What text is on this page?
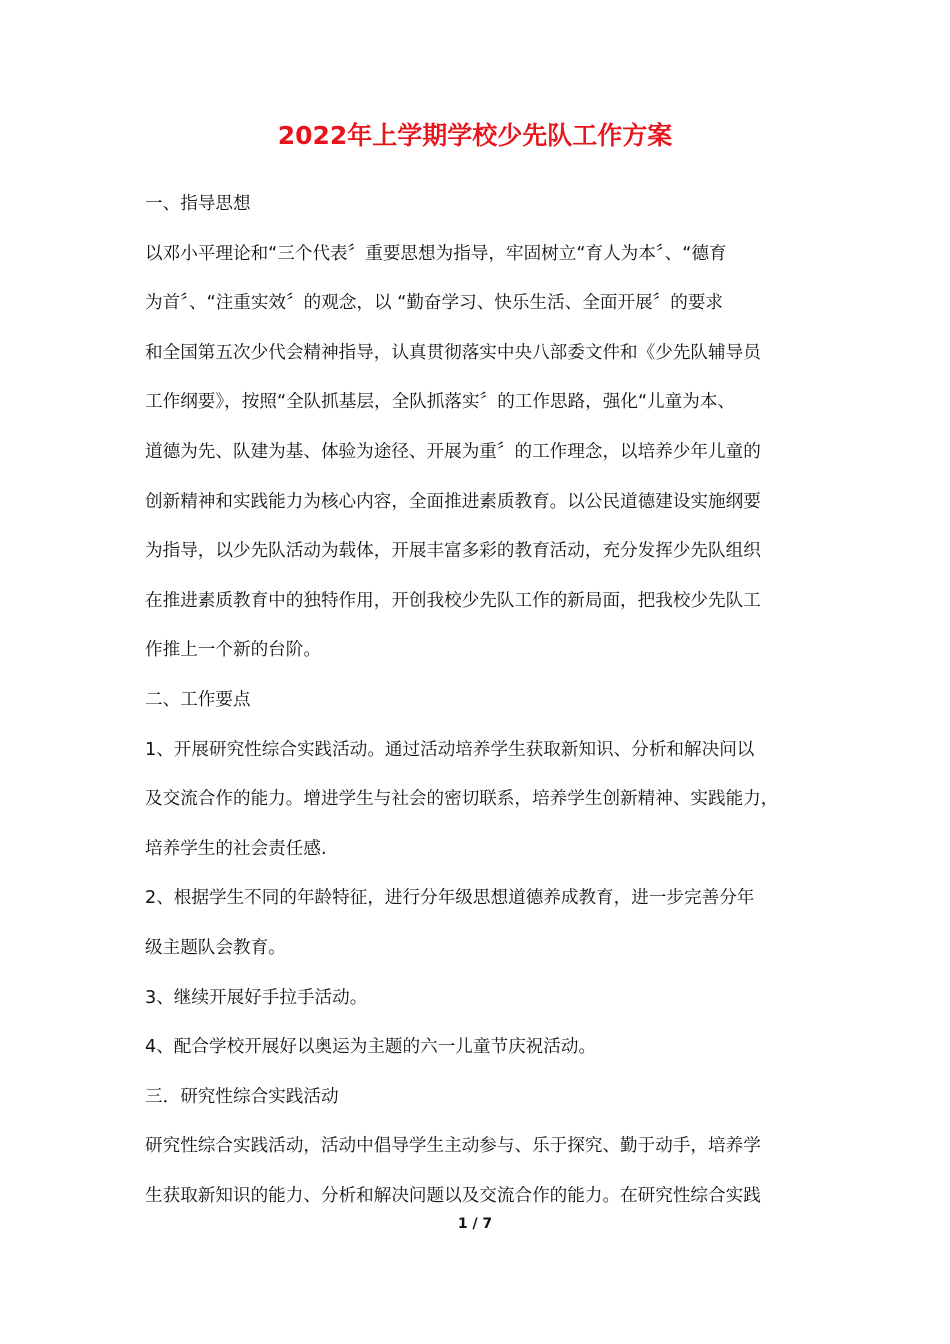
2022年上学期学校少先队工作方案

一、指导思想

以邓小平理论和“三个代表〞重要思想为指导，牢固树立“育人为本〞、“德育

为首〞、“注重实效〞的观念，以 “勤奋学习、快乐生活、全面开展〞的要求

和全国第五次少代会精神指导，认真贯彻落实中央八部委文件和《少先队辅导员

工作纲要》，按照“全队抓基层，全队抓落实〞的工作思路，强化“儿童为本、

道德为先、队建为基、体验为途径、开展为重〞的工作理念，以培养少年儿童的

创新精神和实践能力为核心内容，全面推进素质教育。以公民道德建设实施纲要

为指导，以少先队活动为载体，开展丰富多彩的教育活动，充分发挥少先队组织

在推进素质教育中的独特作用，开创我校少先队工作的新局面，把我校少先队工

作推上一个新的台阶。

二、工作要点

1、开展研究性综合实践活动。通过活动培养学生获取新知识、分析和解决问以

及交流合作的能力。增进学生与社会的密切联系，培养学生创新精神、实践能力，

培养学生的社会责任感.

2、根据学生不同的年龄特征，进行分年级思想道德养成教育，进一步完善分年

级主题队会教育。

3、继续开展好手拉手活动。

4、配合学校开展好以奥运为主题的六一儿童节庆祝活动。

三．研究性综合实践活动

研究性综合实践活动，活动中倡导学生主动参与、乐于探究、勤于动手，培养学

生获取新知识的能力、分析和解决问题以及交流合作的能力。在研究性综合实践

1 / 7
